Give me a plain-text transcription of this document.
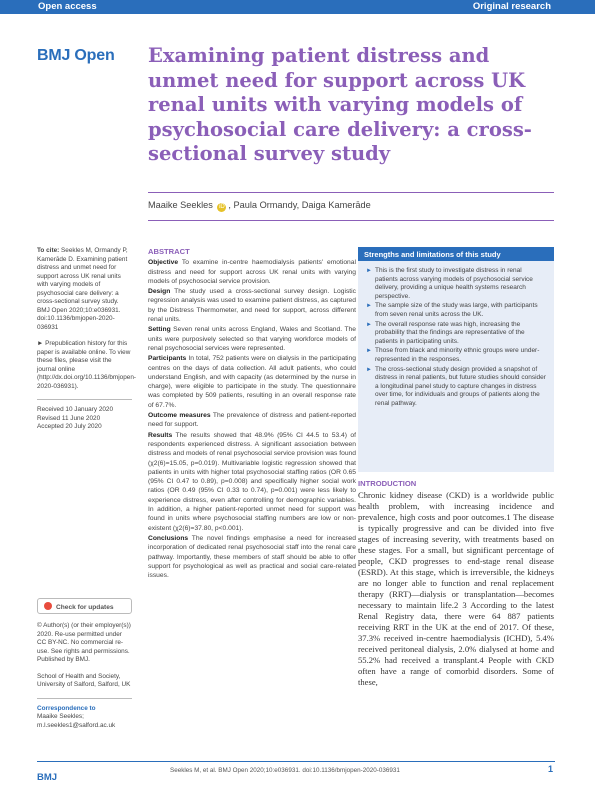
Open access	Original research
BMJ Open Examining patient distress and unmet need for support across UK renal units with varying models of psychosocial care delivery: a cross-sectional survey study
Maaike Seekles iD , Paula Ormandy, Daiga Kamerāde

To cite: Seekles M, Ormandy P, Kamerāde D. Examining patient distress and unmet need for support across UK renal units with varying models of psychosocial care delivery: a cross-sectional survey study. BMJ Open 2020;10:e036931. doi:10.1136/bmjopen-2020-036931

► Prepublication history for this paper is available online. To view these files, please visit the journal online (http://dx.doi.org/10.1136/bmjopen-2020-036931).

Received 10 January 2020
Revised 11 June 2020
Accepted 20 July 2020
Check for updates

© Author(s) (or their employer(s)) 2020. Re-use permitted under CC BY-NC. No commercial re-use. See rights and permissions. Published by BMJ.

School of Health and Society, University of Salford, Salford, UK

Correspondence to
Maaike Seekles;
m.l.seekles1@salford.ac.uk
ABSTRACT

Objective To examine in-centre haemodialysis patients' emotional distress and need for support across UK renal units with varying models of psychosocial service provision.

Design The study used a cross-sectional survey design. Logistic regression analysis was used to examine patient distress, as captured by the Distress Thermometer, and need for support, across different renal units.

Setting Seven renal units across England, Wales and Scotland. The units were purposively selected so that varying workforce models of renal psychosocial services were represented.

Participants In total, 752 patients were on dialysis in the participating centres on the days of data collection. All adult patients, who could understand English, and with capacity (as determined by the nurse in charge), were eligible to participate in the study. The questionnaire was completed by 509 patients, resulting in an overall response rate of 67.7%.

Outcome measures The prevalence of distress and patient-reported need for support.

Results The results showed that 48.9% (95% CI 44.5 to 53.4) of respondents experienced distress. A significant association between distress and models of renal psychosocial service provision was found (χ2(6)=15.05, p=0.019). Multivariable logistic regression showed that patients in units with higher total psychosocial staffing ratios (OR 0.65 (95% CI 0.47 to 0.89), p=0.008) and specifically higher social work ratios (OR 0.49 (95% CI 0.33 to 0.74), p=0.001) were less likely to experience distress, even after controlling for demographic variables. In addition, a higher patient-reported unmet need for support was found in units where psychosocial staffing numbers are low or non-existent (χ2(6)=37.80, p<0.001).

Conclusions The novel findings emphasise a need for increased incorporation of dedicated renal psychosocial staff into the renal care pathway. Importantly, these members of staff should be able to offer support for psychological as well as practical and social care-related issues.

Strengths and limitations of this study
► This is the first study to investigate distress in renal patients across varying models of psychosocial service delivery, providing a unique health systems research perspective.
► The sample size of the study was large, with participants from seven renal units across the UK.
► The overall response rate was high, increasing the probability that the findings are representative of the patients in participating units.
► Those from black and minority ethnic groups were under-represented in the responses.
► The cross-sectional study design provided a snapshot of distress in renal patients, but future studies should consider a longitudinal panel study to capture changes in distress over time, for individuals and groups of patients along the renal pathway.
INTRODUCTION
Chronic kidney disease (CKD) is a worldwide public health problem, with increasing incidence and prevalence, high costs and poor outcomes.1 The disease is typically progressive and can be divided into five stages of increasing severity, with treatments based on these stages. For a small, but significant percentage of people, CKD progresses to end-stage renal disease (ESRD). At this stage, which is irreversible, the kidneys are no longer able to function and renal replacement therapy (RRT)—dialysis or transplantation—becomes necessary to maintain life.2 3 According to the latest Renal Registry data, there were 64 887 patients receiving RRT in the UK at the end of 2017. Of these, 37.3% received in-centre haemodialysis (ICHD), 5.4% received peritoneal dialysis, 2.0% dialysed at home and 55.2% had received a transplant.4 People with CKD often have a range of comorbid disorders. Some of these,
BMJ
Seekles M, et al. BMJ Open 2020;10:e036931. doi:10.1136/bmjopen-2020-036931	1
